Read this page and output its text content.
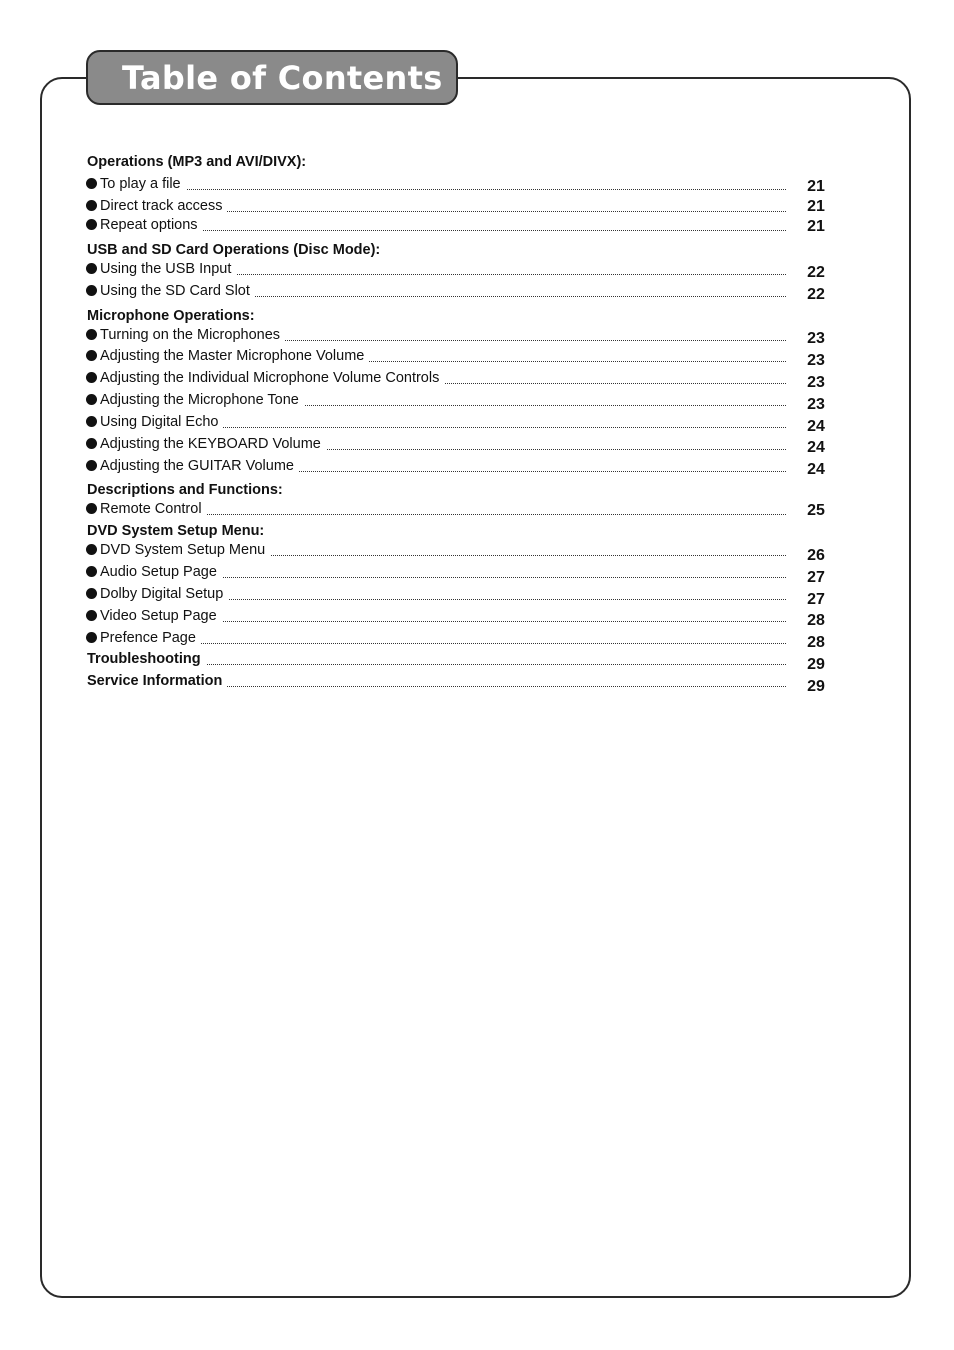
Table of Contents
Operations (MP3 and AVI/DIVX):
To play a file	21
Direct track access	21
Repeat options	21
USB and SD Card Operations (Disc Mode):
Using the USB Input	22
Using the SD Card Slot	22
Microphone Operations:
Turning on the Microphones	23
Adjusting the Master Microphone Volume	23
Adjusting the Individual Microphone Volume Controls	23
Adjusting the Microphone Tone	23
Using Digital Echo	24
Adjusting the KEYBOARD Volume	24
Adjusting the GUITAR Volume	24
Descriptions and Functions:
Remote Control	25
DVD System Setup Menu:
DVD System Setup Menu	26
Audio Setup Page	27
Dolby Digital Setup	27
Video Setup Page	28
Prefence Page	28
Troubleshooting	29
Service Information	29
